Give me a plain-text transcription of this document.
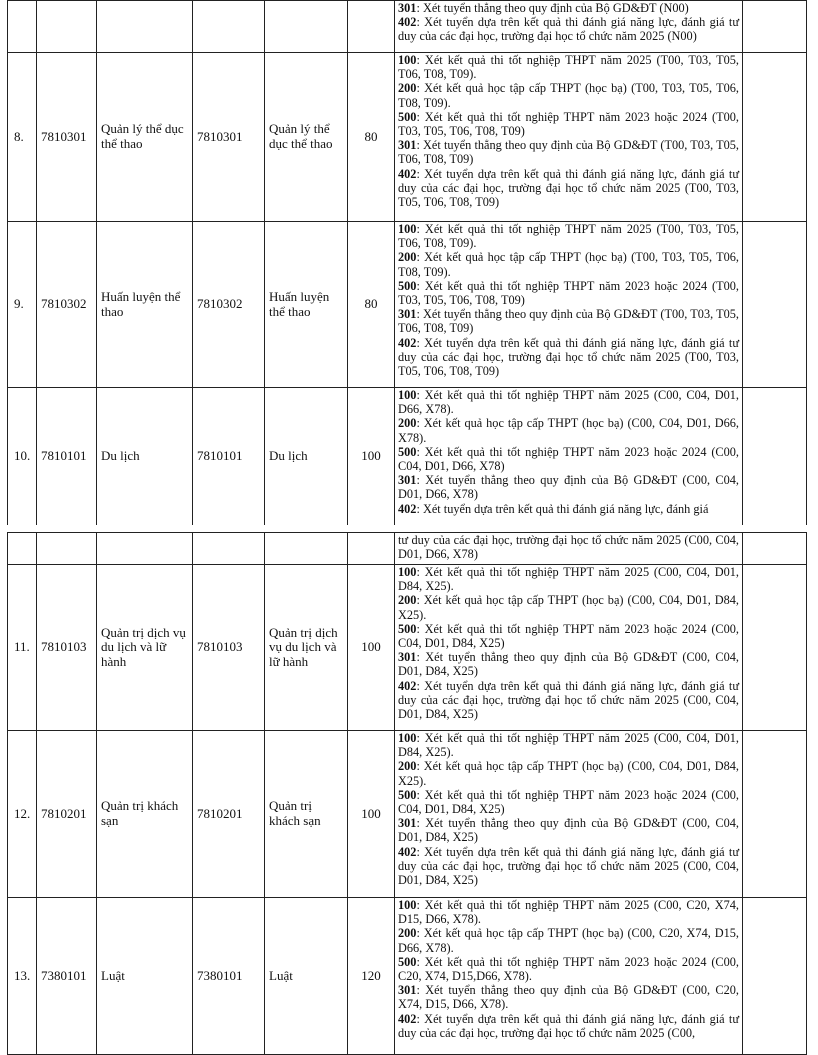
						301: Xét tuyển thẳng theo quy định của Bộ GD&ĐT (N00)
402: Xét tuyển dựa trên kết quả thi đánh giá năng lực, đánh giá tư duy của các đại học, trường đại học tổ chức năm 2025 (N00)	

8.	7810301	Quản lý thể dục thể thao	7810301	Quản lý thể dục thể thao	80	100: Xét kết quả thi tốt nghiệp THPT năm 2025 (T00, T03, T05, T06, T08, T09).
200: Xét kết quả học tập cấp THPT (học bạ) (T00, T03, T05, T06, T08, T09).
500: Xét kết quả thi tốt nghiệp THPT năm 2023 hoặc 2024 (T00, T03, T05, T06, T08, T09)
301: Xét tuyển thẳng theo quy định của Bộ GD&ĐT (T00, T03, T05, T06, T08, T09)
402: Xét tuyển dựa trên kết quả thi đánh giá năng lực, đánh giá tư duy của các đại học, trường đại học tổ chức năm 2025 (T00, T03, T05, T06, T08, T09)	

9.	7810302	Huấn luyện thể thao	7810302	Huấn luyện thể thao	80	100: Xét kết quả thi tốt nghiệp THPT năm 2025 (T00, T03, T05, T06, T08, T09).
200: Xét kết quả học tập cấp THPT (học bạ) (T00, T03, T05, T06, T08, T09).
500: Xét kết quả thi tốt nghiệp THPT năm 2023 hoặc 2024 (T00, T03, T05, T06, T08, T09)
301: Xét tuyển thẳng theo quy định của Bộ GD&ĐT (T00, T03, T05, T06, T08, T09)
402: Xét tuyển dựa trên kết quả thi đánh giá năng lực, đánh giá tư duy của các đại học, trường đại học tổ chức năm 2025 (T00, T03, T05, T06, T08, T09)	

10.	7810101	Du lịch	7810101	Du lịch	100	100: Xét kết quả thi tốt nghiệp THPT năm 2025 (C00, C04, D01, D66, X78).
200: Xét kết quả học tập cấp THPT (học bạ) (C00, C04, D01, D66, X78).
500: Xét kết quả thi tốt nghiệp THPT năm 2023 hoặc 2024 (C00, C04, D01, D66, X78)
301: Xét tuyển thẳng theo quy định của Bộ GD&ĐT (C00, C04, D01, D66, X78)
402: Xét tuyển dựa trên kết quả thi đánh giá năng lực, đánh giá	

						tư duy của các đại học, trường đại học tổ chức năm 2025 (C00, C04, D01, D66, X78)	

11.	7810103	Quản trị dịch vụ du lịch và lữ hành	7810103	Quản trị dịch vụ du lịch và lữ hành	100	100: Xét kết quả thi tốt nghiệp THPT năm 2025 (C00, C04, D01, D84, X25).
200: Xét kết quả học tập cấp THPT (học bạ) (C00, C04, D01, D84, X25).
500: Xét kết quả thi tốt nghiệp THPT năm 2023 hoặc 2024 (C00, C04, D01, D84, X25)
301: Xét tuyển thẳng theo quy định của Bộ GD&ĐT (C00, C04, D01, D84, X25)
402: Xét tuyển dựa trên kết quả thi đánh giá năng lực, đánh giá tư duy của các đại học, trường đại học tổ chức năm 2025 (C00, C04, D01, D84, X25)	

12.	7810201	Quản trị khách sạn	7810201	Quản trị khách sạn	100	100: Xét kết quả thi tốt nghiệp THPT năm 2025 (C00, C04, D01, D84, X25).
200: Xét kết quả học tập cấp THPT (học bạ) (C00, C04, D01, D84, X25).
500: Xét kết quả thi tốt nghiệp THPT năm 2023 hoặc 2024 (C00, C04, D01, D84, X25)
301: Xét tuyển thẳng theo quy định của Bộ GD&ĐT (C00, C04, D01, D84, X25)
402: Xét tuyển dựa trên kết quả thi đánh giá năng lực, đánh giá tư duy của các đại học, trường đại học tổ chức năm 2025 (C00, C04, D01, D84, X25)	

13.	7380101	Luật	7380101	Luật	120	100: Xét kết quả thi tốt nghiệp THPT năm 2025 (C00, C20, X74, D15, D66, X78).
200: Xét kết quả học tập cấp THPT (học bạ) (C00, C20, X74, D15, D66, X78).
500: Xét kết quả thi tốt nghiệp THPT năm 2023 hoặc 2024 (C00, C20, X74, D15,D66, X78).
301: Xét tuyển thẳng theo quy định của Bộ GD&ĐT (C00, C20, X74, D15, D66, X78).
402: Xét tuyển dựa trên kết quả thi đánh giá năng lực, đánh giá tư duy của các đại học, trường đại học tổ chức năm 2025 (C00,	
